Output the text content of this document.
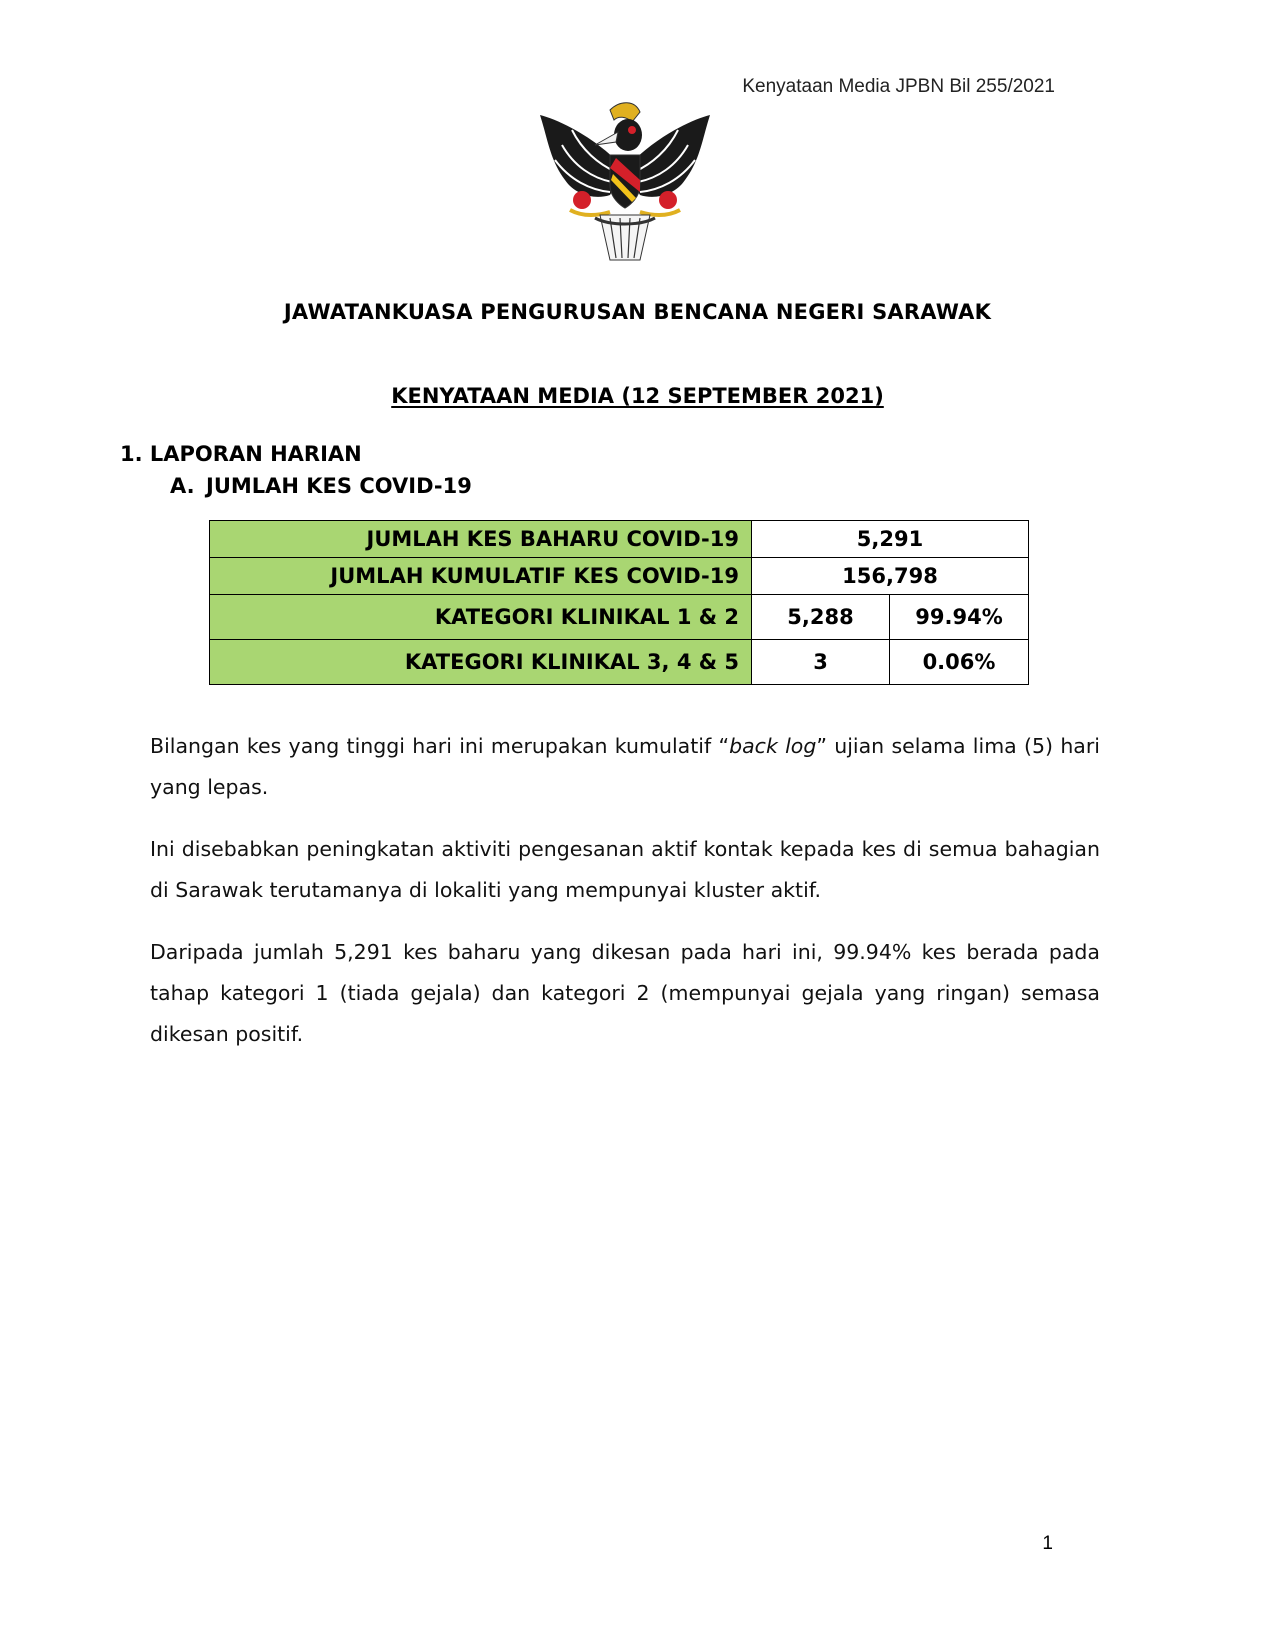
Kenyataan Media JPBN Bil 255/2021
JAWATANKUASA PENGURUSAN BENCANA NEGERI SARAWAK
KENYATAAN MEDIA (12 SEPTEMBER 2021)
1. LAPORAN HARIAN
A. JUMLAH KES COVID-19
JUMLAH KES BAHARU COVID-19	5,291	
JUMLAH KUMULATIF KES COVID-19	156,798	
KATEGORI KLINIKAL 1 & 2	5,288	99.94%
KATEGORI KLINIKAL 3, 4 & 5	3	0.06%
Bilangan kes yang tinggi hari ini merupakan kumulatif “back log” ujian selama lima (5) hari yang lepas.
Ini disebabkan peningkatan aktiviti pengesanan aktif kontak kepada kes di semua bahagian di Sarawak terutamanya di lokaliti yang mempunyai kluster aktif.
Daripada jumlah 5,291 kes baharu yang dikesan pada hari ini, 99.94% kes berada pada tahap kategori 1 (tiada gejala) dan kategori 2 (mempunyai gejala yang ringan) semasa dikesan positif.
1
